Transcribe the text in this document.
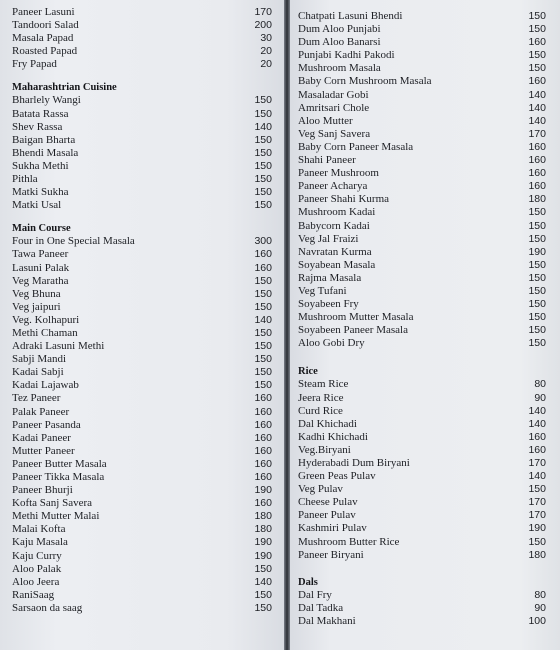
Paneer Lasuni	170
Tandoori Salad	200
Masala Papad	30
Roasted Papad	20
Fry Papad	20
Maharashtrian Cuisine
Bharlely Wangi	150
Batata Rassa	150
Shev Rassa	140
Baigan Bharta	150
Bhendi Masala	150
Sukha Methi	150
Pithla	150
Matki Sukha	150
Matki Usal	150
Main Course
Four in One Special Masala	300
Tawa Paneer	160
Lasuni Palak	160
Veg Maratha	150
Veg Bhuna	150
Veg jaipuri	150
Veg. Kolhapuri	140
Methi Chaman	150
Adraki Lasuni Methi	150
Sabji Mandi	150
Kadai Sabji	150
Kadai Lajawab	150
Tez Paneer	160
Palak Paneer	160
Paneer Pasanda	160
Kadai Paneer	160
Mutter Paneer	160
Paneer Butter Masala	160
Paneer Tikka Masala	160
Paneer Bhurji	190
Kofta Sanj Savera	160
Methi Mutter Malai	180
Malai Kofta	180
Kaju Masala	190
Kaju Curry	190
Aloo Palak	150
Aloo Jeera	140
RaniSaag	150
Sarsaon da saag	150
Chatpati Lasuni Bhendi	150
Dum Aloo Punjabi	150
Dum Aloo Banarsi	160
Punjabi Kadhi Pakodi	150
Mushroom Masala	150
Baby Corn Mushroom Masala	160
Masaladar Gobi	140
Amritsari Chole	140
Aloo Mutter	140
Veg Sanj Savera	170
Baby Corn Paneer Masala	160
Shahi Paneer	160
Paneer Mushroom	160
Paneer Acharya	160
Paneer Shahi Kurma	180
Mushroom Kadai	150
Babycorn Kadai	150
Veg Jal Fraizi	150
Navratan Kurma	190
Soyabean Masala	150
Rajma Masala	150
Veg Tufani	150
Soyabeen Fry	150
Mushroom Mutter Masala	150
Soyabeen Paneer Masala	150
Aloo Gobi Dry	150
Rice
Steam Rice	80
Jeera Rice	90
Curd Rice	140
Dal Khichadi	140
Kadhi Khichadi	160
Veg.Biryani	160
Hyderabadi Dum Biryani	170
Green Peas Pulav	140
Veg Pulav	150
Cheese Pulav	170
Paneer Pulav	170
Kashmiri Pulav	190
Mushroom Butter Rice	150
Paneer Biryani	180
Dals
Dal Fry	80
Dal Tadka	90
Dal Makhani	100
